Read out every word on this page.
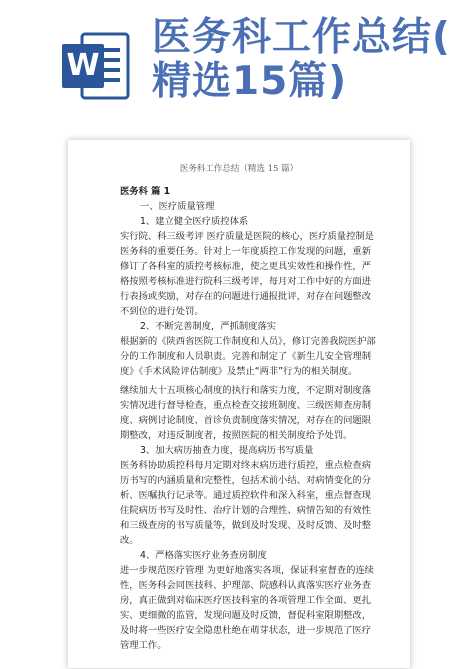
W
医务科工作总结(
精选15篇)
医务科工作总结（精选 15 篇）

医务科 篇 1

一、医疗质量管理

1、建立健全医疗质控体系

实行院、科三级考评 医疗质量是医院的核心，医疗质量控制是医务科的重要任务。针对上一年度质控工作发现的问题，重新修订了各科室的质控考核标准，使之更具实效性和操作性，严格按照考核标准进行院科三级考评，每月对工作中好的方面进行表扬或奖励，对存在的问题进行通报批评，对存在问题整改不到位的进行处罚。

2、不断完善制度，严抓制度落实

根据新的《陕西省医院工作制度和人员》，修订完善我院医护部分的工作制度和人员职责。完善和制定了《新生儿安全管理制度》《手术风险评估制度》及禁止“两非”行为的相关制度。

继续加大十五项核心制度的执行和落实力度，不定期对制度落实情况进行督导检查，重点检查交接班制度、三级医师查房制度、病例讨论制度、首诊负责制度落实情况，对存在的问题限期整改，对违反制度者，按照医院的相关制度给予处罚。

3、加大病历抽查力度，提高病历书写质量

医务科协助质控科每月定期对终末病历进行质控，重点检查病历书写的内涵质量和完整性，包括术前小结、对病情变化的分析、医嘱执行记录等。通过质控软件和深入科室，重点督查现住院病历书写及时性、治疗计划的合理性、病情告知的有效性和三级查房的书写质量等，做到及时发现、及时反馈、及时整改。

4、严格落实医疗业务查房制度

进一步规范医疗管理 为更好地落实各项，保证科室督查的连续性，医务科会同医技科、护理部、院感科认真落实医疗业务查房，真正做到对临床医疗医技科室的各项管理工作全面、更扎实、更细微的监管，发现问题及时反馈，督促科室限期整改，及时将一些医疗安全隐患杜绝在萌芽状态，进一步规范了医疗管理工作。
